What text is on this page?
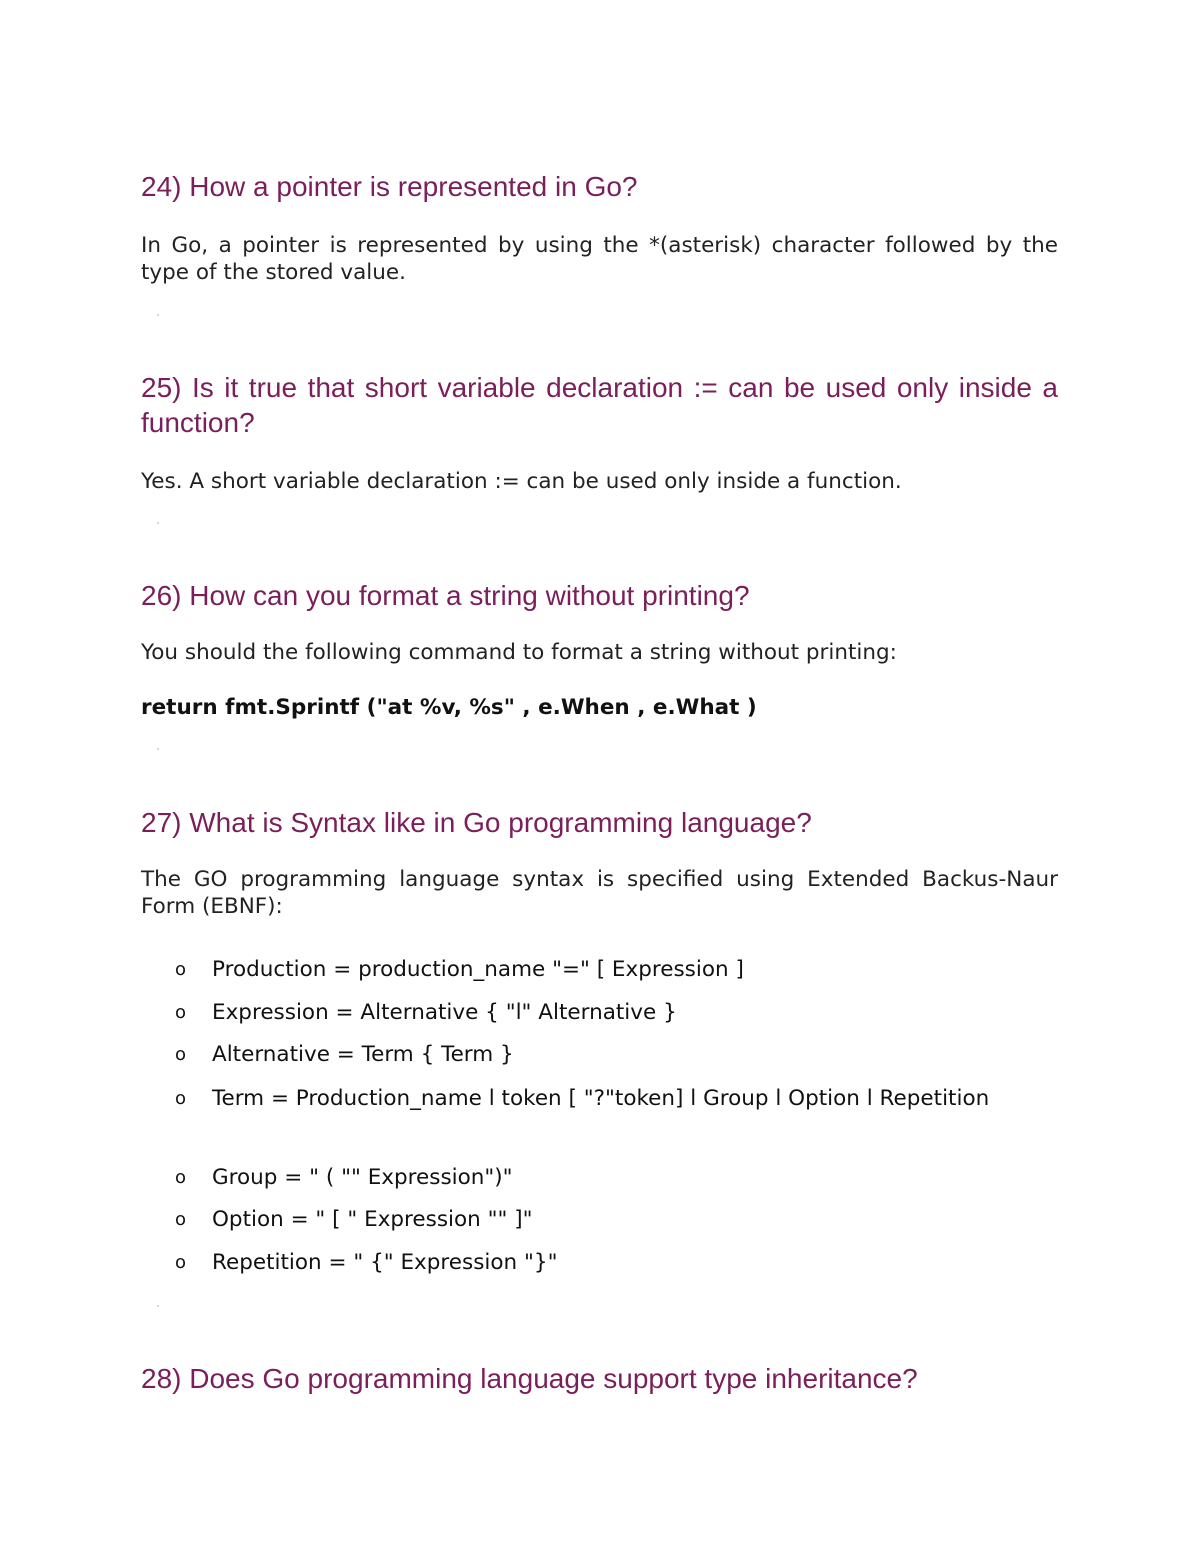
24) How a pointer is represented in Go?

In Go, a pointer is represented by using the *(asterisk) character followed by the type of the stored value.

25) Is it true that short variable declaration := can be used only inside a function?

Yes. A short variable declaration := can be used only inside a function.

26) How can you format a string without printing?

You should the following command to format a string without printing:

return fmt.Sprintf ("at %v, %s" , e.When , e.What )

27) What is Syntax like in Go programming language?

The GO programming language syntax is specified using Extended Backus-Naur Form (EBNF):

o Production = production_name "=" [ Expression ]
o Expression = Alternative { "l" Alternative }
o Alternative = Term { Term }
o Term = Production_name l token [ "?"token] l Group l Option l Repetition
o Group = " ( "" Expression")"
o Option = " [ " Expression "" ]"
o Repetition = " {" Expression "}"
28) Does Go programming language support type inheritance?
